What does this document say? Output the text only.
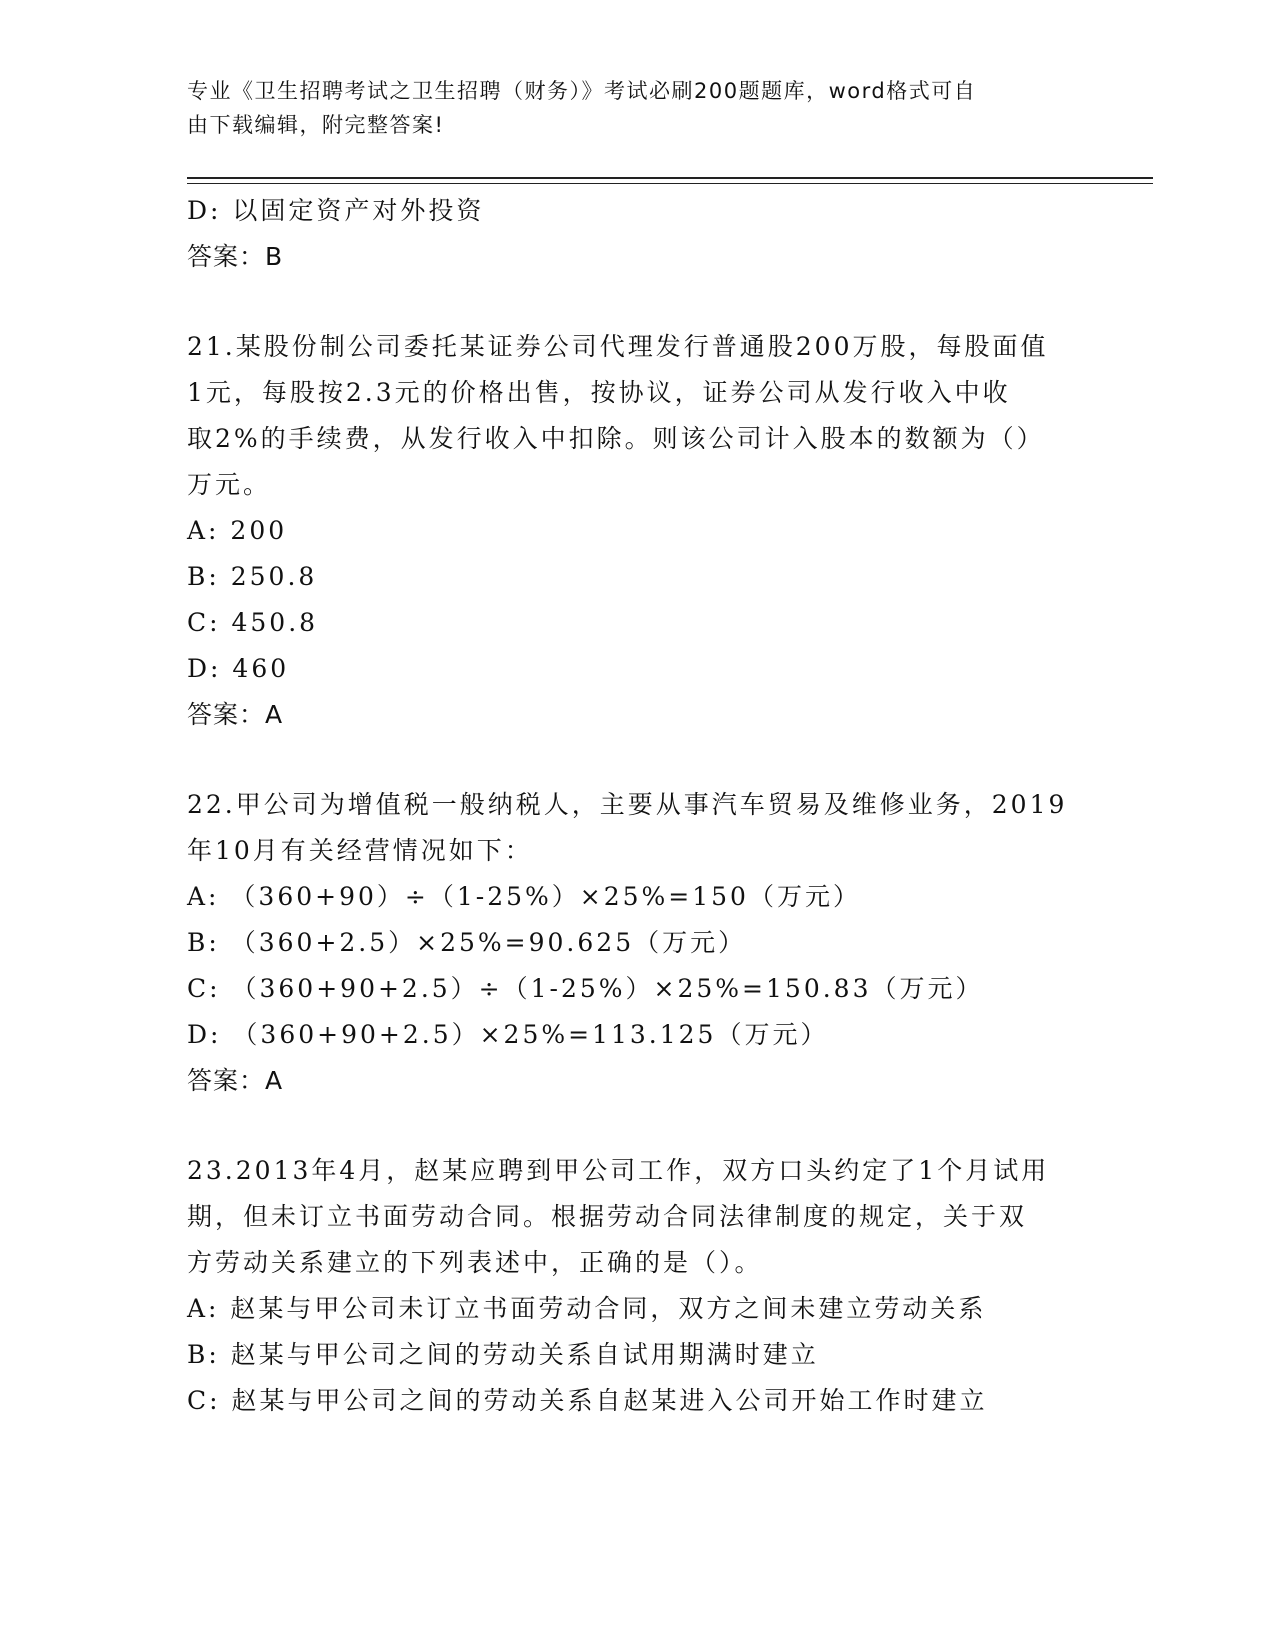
专业《卫生招聘考试之卫生招聘（财务）》考试必刷200题题库，word格式可自
由下载编辑，附完整答案!
D: 以固定资产对外投资
答案：B
21.某股份制公司委托某证券公司代理发行普通股200万股，每股面值
1元，每股按2.3元的价格出售，按协议，证券公司从发行收入中收
取2%的手续费，从发行收入中扣除。则该公司计入股本的数额为（）
万元。
A: 200
B: 250.8
C: 450.8
D: 460
答案：A
22.甲公司为增值税一般纳税人，主要从事汽车贸易及维修业务，2019
年10月有关经营情况如下：
A: （360+90）÷（1-25%）×25%=150（万元）
B: （360+2.5）×25%=90.625（万元）
C: （360+90+2.5）÷（1-25%）×25%=150.83（万元）
D: （360+90+2.5）×25%=113.125（万元）
答案：A
23.2013年4月，赵某应聘到甲公司工作，双方口头约定了1个月试用
期，但未订立书面劳动合同。根据劳动合同法律制度的规定，关于双
方劳动关系建立的下列表述中，正确的是（）。
A: 赵某与甲公司未订立书面劳动合同，双方之间未建立劳动关系
B: 赵某与甲公司之间的劳动关系自试用期满时建立
C: 赵某与甲公司之间的劳动关系自赵某进入公司开始工作时建立
